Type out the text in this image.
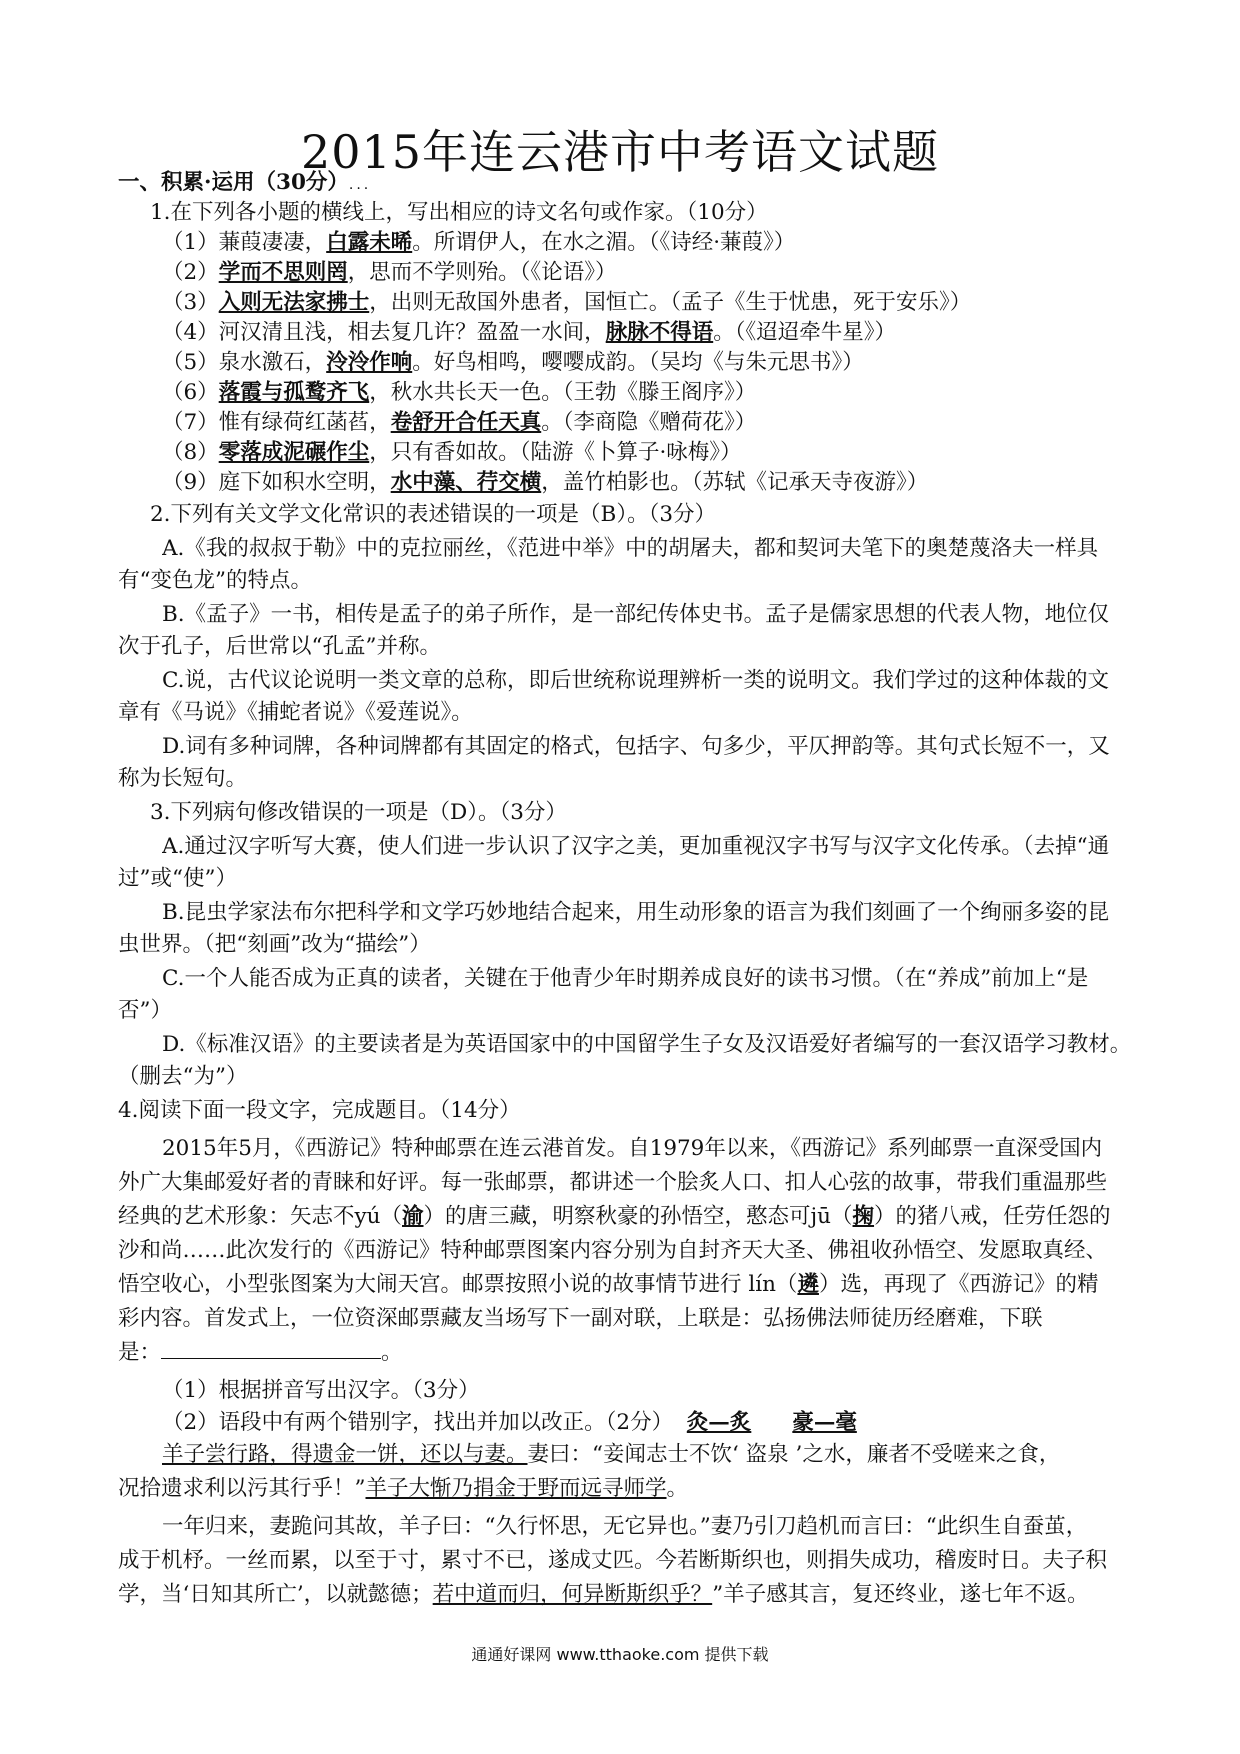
2015年连云港市中考语文试题
一、积累·运用（30分）...
1.在下列各小题的横线上，写出相应的诗文名句或作家。（10分）
（1）蒹葭凄凄，白露未晞。所谓伊人，在水之湄。（《诗经·蒹葭》）
（2）学而不思则罔，思而不学则殆。（《论语》）
（3）入则无法家拂士，出则无敌国外患者，国恒亡。（孟子《生于忧患，死于安乐》）
（4）河汉清且浅，相去复几许？盈盈一水间，脉脉不得语。（《迢迢牵牛星》）
（5）泉水激石，泠泠作响。好鸟相鸣，嘤嘤成韵。（吴均《与朱元思书》）
（6）落霞与孤鹜齐飞，秋水共长天一色。（王勃《滕王阁序》）
（7）惟有绿荷红菡萏，卷舒开合任天真。（李商隐《赠荷花》）
（8）零落成泥碾作尘，只有香如故。（陆游《卜算子·咏梅》）
（9）庭下如积水空明，水中藻、荇交横，盖竹柏影也。（苏轼《记承天寺夜游》）
2.下列有关文学文化常识的表述错误的一项是（B）。（3分）
A.《我的叔叔于勒》中的克拉丽丝，《范进中举》中的胡屠夫，都和契诃夫笔下的奥楚蔑洛夫一样具
有“变色龙”的特点。
B.《孟子》一书，相传是孟子的弟子所作，是一部纪传体史书。孟子是儒家思想的代表人物，地位仅
次于孔子，后世常以“孔孟”并称。
C.说，古代议论说明一类文章的总称，即后世统称说理辨析一类的说明文。我们学过的这种体裁的文
章有《马说》《捕蛇者说》《爱莲说》。
D.词有多种词牌，各种词牌都有其固定的格式，包括字、句多少，平仄押韵等。其句式长短不一，又
称为长短句。
3.下列病句修改错误的一项是（D）。（3分）
A.通过汉字听写大赛，使人们进一步认识了汉字之美，更加重视汉字书写与汉字文化传承。（去掉“通
过”或“使”）
B.昆虫学家法布尔把科学和文学巧妙地结合起来，用生动形象的语言为我们刻画了一个绚丽多姿的昆
虫世界。（把“刻画”改为“描绘”）
C.一个人能否成为正真的读者，关键在于他青少年时期养成良好的读书习惯。（在“养成”前加上“是
否”）
D.《标准汉语》的主要读者是为英语国家中的中国留学生子女及汉语爱好者编写的一套汉语学习教材。
（删去“为”）
4.阅读下面一段文字，完成题目。（14分）
2015年5月，《西游记》特种邮票在连云港首发。自1979年以来，《西游记》系列邮票一直深受国内
外广大集邮爱好者的青睐和好评。每一张邮票，都讲述一个脍炙人口、扣人心弦的故事，带我们重温那些
经典的艺术形象：矢志不yú（渝）的唐三藏，明察秋豪的孙悟空，憨态可jū（掬）的猪八戒，任劳任怨的
沙和尚……此次发行的《西游记》特种邮票图案内容分别为自封齐天大圣、佛祖收孙悟空、发愿取真经、
悟空收心，小型张图案为大闹天宫。邮票按照小说的故事情节进行 lín（遴）选，再现了《西游记》的精
彩内容。首发式上，一位资深邮票藏友当场写下一副对联，上联是：弘扬佛法师徒历经磨难，下联
是：	。
（1）根据拼音写出汉字。（3分）
（2）语段中有两个错别字，找出并加以改正。（2分） 灸—炙 豪—毫
羊子尝行路，得遗金一饼，还以与妻。妻曰：“妾闻志士不饮‘ 盗泉 ’之水，廉者不受嗟来之食，
况拾遗求利以污其行乎！”羊子大惭乃捐金于野而远寻师学。
一年归来，妻跪问其故，羊子曰：“久行怀思，无它异也。”妻乃引刀趋机而言曰：“此织生自蚕茧，
成于机杼。一丝而累，以至于寸，累寸不已，遂成丈匹。今若断斯织也，则捐失成功，稽废时日。夫子积
学，当‘日知其所亡’，以就懿德；若中道而归，何异断斯织乎？”羊子感其言，复还终业，遂七年不返。
通通好课网 www.tthaoke.com 提供下载
